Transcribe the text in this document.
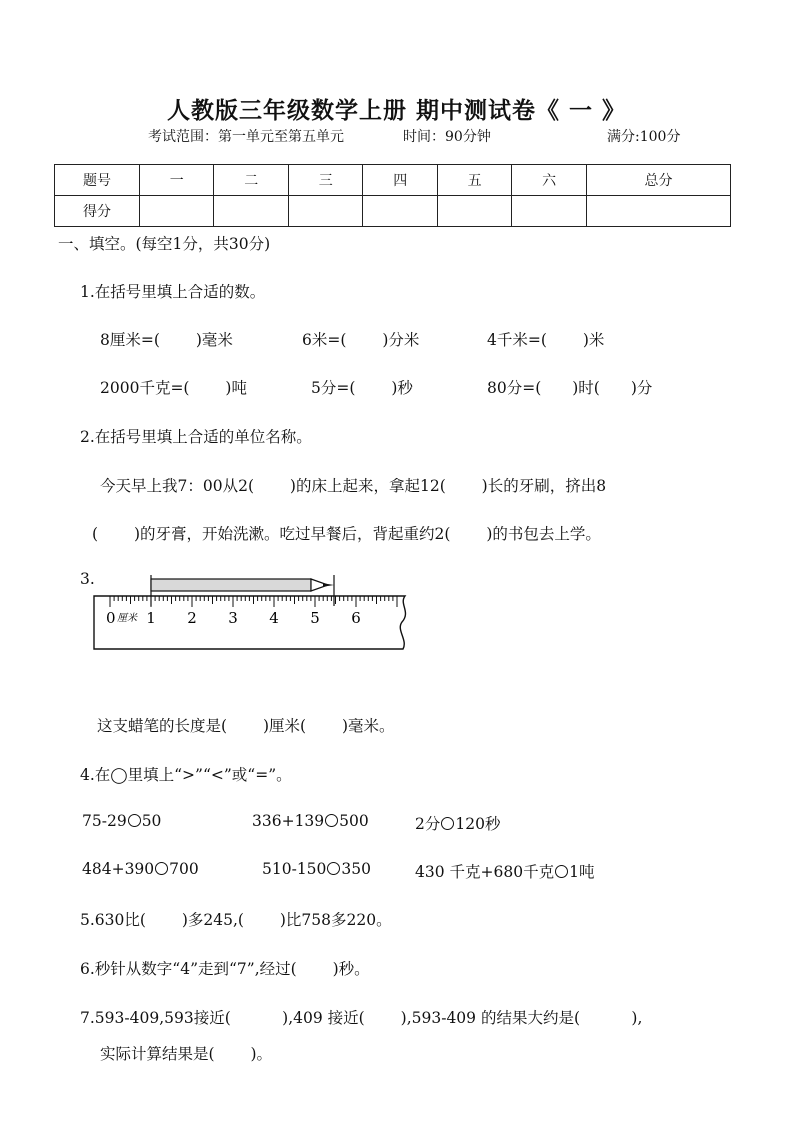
人教版三年级数学上册 期中测试卷《 一 》
考试范围：第一单元至第五单元	时间：90分钟	满分:100分
题号	一	二	三	四	五	六	总分
得分							
一、填空。(每空1分，共30分)
1.在括号里填上合适的数。
8厘米=(　　 )毫米	6米=(　　 )分米	4千米=(　　 )米
2000千克=(　　 )吨	5分=(　　 )秒	80分=(　　)时(　　)分
2.在括号里填上合适的单位名称。
今天早上我7：00从2(　　 )的床上起来，拿起12(　　 )长的牙刷，挤出8
(　　 )的牙膏，开始洗漱。吃过早餐后，背起重约2(　　 )的书包去上学。
3.
0 厘米 1 2 3 4 5 6
这支蜡笔的长度是(　　 )厘米(　　 )毫米。
4.在◯里填上“>”“<”或“=”。
75-29 50	336+139 500	2分 120秒
484+390 700	510-150 350	430 千克+680千克 1吨
5.630比(　　 )多245,(　　 )比758多220。
6.秒针从数字“4”走到“7”,经过(　　 )秒。
7.593-409,593接近(　　　 ),409 接近(　　 ),593-409 的结果大约是(　　　 ),
实际计算结果是(　　 )。
